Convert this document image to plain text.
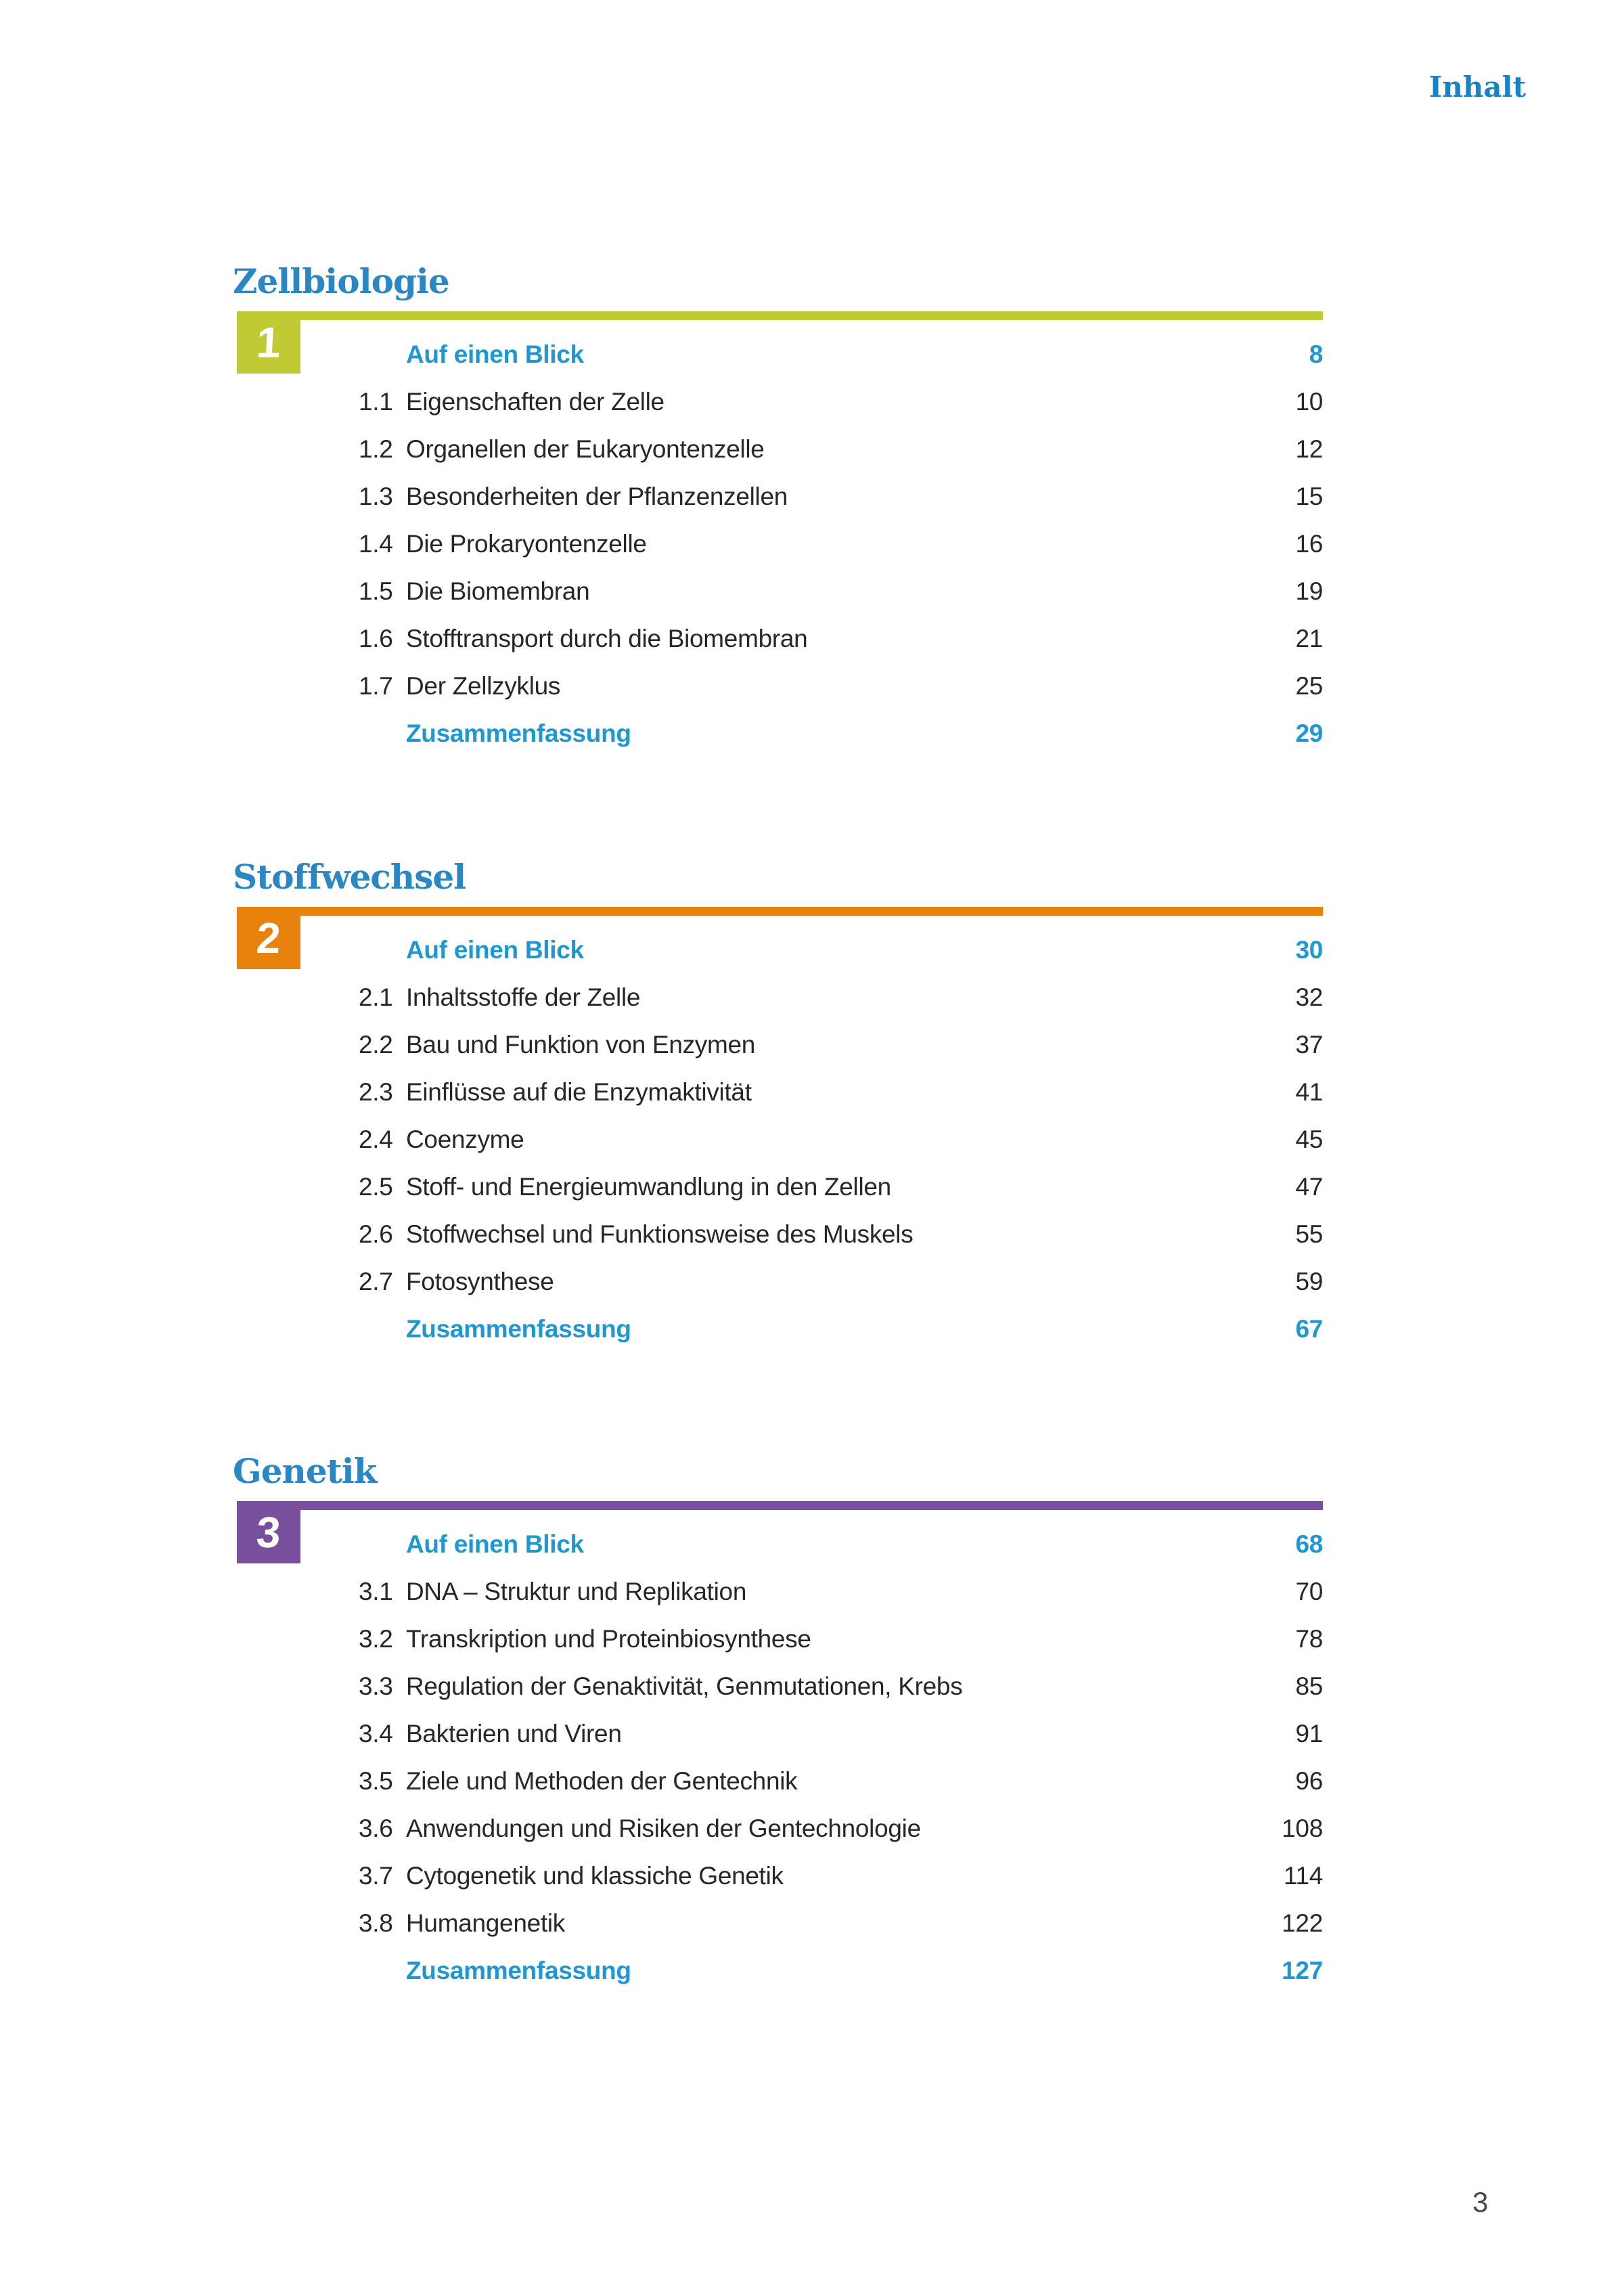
Inhalt
Zellbiologie
1	Auf einen Blick	8
1.1 Eigenschaften der Zelle	10
1.2 Organellen der Eukaryontenzelle	12
1.3 Besonderheiten der Pflanzenzellen	15
1.4 Die Prokaryontenzelle	16
1.5 Die Biomembran	19
1.6 Stofftransport durch die Biomembran	21
1.7 Der Zellzyklus	25
Zusammenfassung	29
Stoffwechsel
2	Auf einen Blick	30
2.1 Inhaltsstoffe der Zelle	32
2.2 Bau und Funktion von Enzymen	37
2.3 Einflüsse auf die Enzymaktivität	41
2.4 Coenzyme	45
2.5 Stoff- und Energieumwandlung in den Zellen	47
2.6 Stoffwechsel und Funktionsweise des Muskels	55
2.7 Fotosynthese	59
Zusammenfassung	67
Genetik
3	Auf einen Blick	68
3.1 DNA – Struktur und Replikation	70
3.2 Transkription und Proteinbiosynthese	78
3.3 Regulation der Genaktivität, Genmutationen, Krebs	85
3.4 Bakterien und Viren	91
3.5 Ziele und Methoden der Gentechnik	96
3.6 Anwendungen und Risiken der Gentechnologie	108
3.7 Cytogenetik und klassiche Genetik	114
3.8 Humangenetik	122
Zusammenfassung	127
3
